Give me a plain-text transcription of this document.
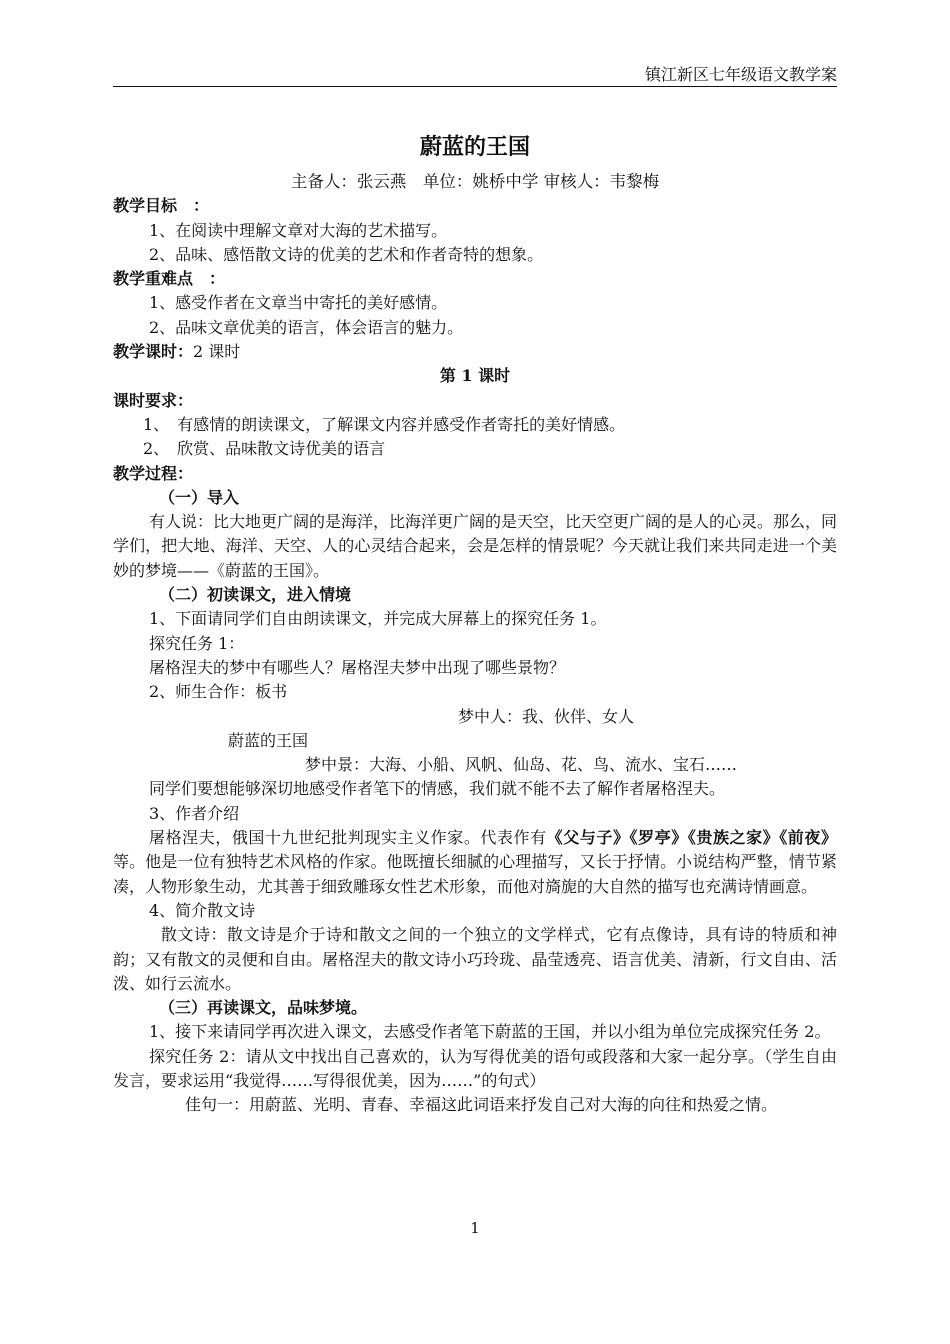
镇江新区七年级语文教学案
蔚蓝的王国
主备人：张云燕　单位：姚桥中学 审核人：韦黎梅
教学目标　：
1、在阅读中理解文章对大海的艺术描写。
2、品味、感悟散文诗的优美的艺术和作者奇特的想象。
教学重难点　：
1、感受作者在文章当中寄托的美好感情。
2、品味文章优美的语言，体会语言的魅力。
教学课时：2 课时
第 1 课时
课时要求：
1、　有感情的朗读课文，了解课文内容并感受作者寄托的美好情感。
2、　欣赏、品味散文诗优美的语言
教学过程：
（一）导入

有人说：比大地更广阔的是海洋，比海洋更广阔的是天空，比天空更广阔的是人的心灵。那么，同学们，把大地、海洋、天空、人的心灵结合起来，会是怎样的情景呢？今天就让我们来共同走进一个美妙的梦境——《蔚蓝的王国》。

（二）初读课文，进入情境
1、下面请同学们自由朗读课文，并完成大屏幕上的探究任务 1。
探究任务 1：
屠格涅夫的梦中有哪些人？屠格涅夫梦中出现了哪些景物？
2、师生合作：板书
梦中人：我、伙伴、女人
蔚蓝的王国
梦中景：大海、小船、风帆、仙岛、花、鸟、流水、宝石……
同学们要想能够深切地感受作者笔下的情感，我们就不能不去了解作者屠格涅夫。
3、作者介绍

屠格涅夫，俄国十九世纪批判现实主义作家。代表作有《父与子》《罗亭》《贵族之家》《前夜》等。他是一位有独特艺术风格的作家。他既擅长细腻的心理描写，又长于抒情。小说结构严整，情节紧凑，人物形象生动，尤其善于细致雕琢女性艺术形象，而他对旖旎的大自然的描写也充满诗情画意。

4、简介散文诗

散文诗：散文诗是介于诗和散文之间的一个独立的文学样式，它有点像诗，具有诗的特质和神韵；又有散文的灵便和自由。屠格涅夫的散文诗小巧玲珑、晶莹透亮、语言优美、清新，行文自由、活泼、如行云流水。

（三）再读课文，品味梦境。

1、接下来请同学再次进入课文，去感受作者笔下蔚蓝的王国，并以小组为单位完成探究任务 2。

探究任务 2：请从文中找出自己喜欢的，认为写得优美的语句或段落和大家一起分享。（学生自由发言，要求运用“我觉得……写得很优美，因为……”的句式）

佳句一：用蔚蓝、光明、青春、幸福这此词语来抒发自己对大海的向往和热爱之情。

1
